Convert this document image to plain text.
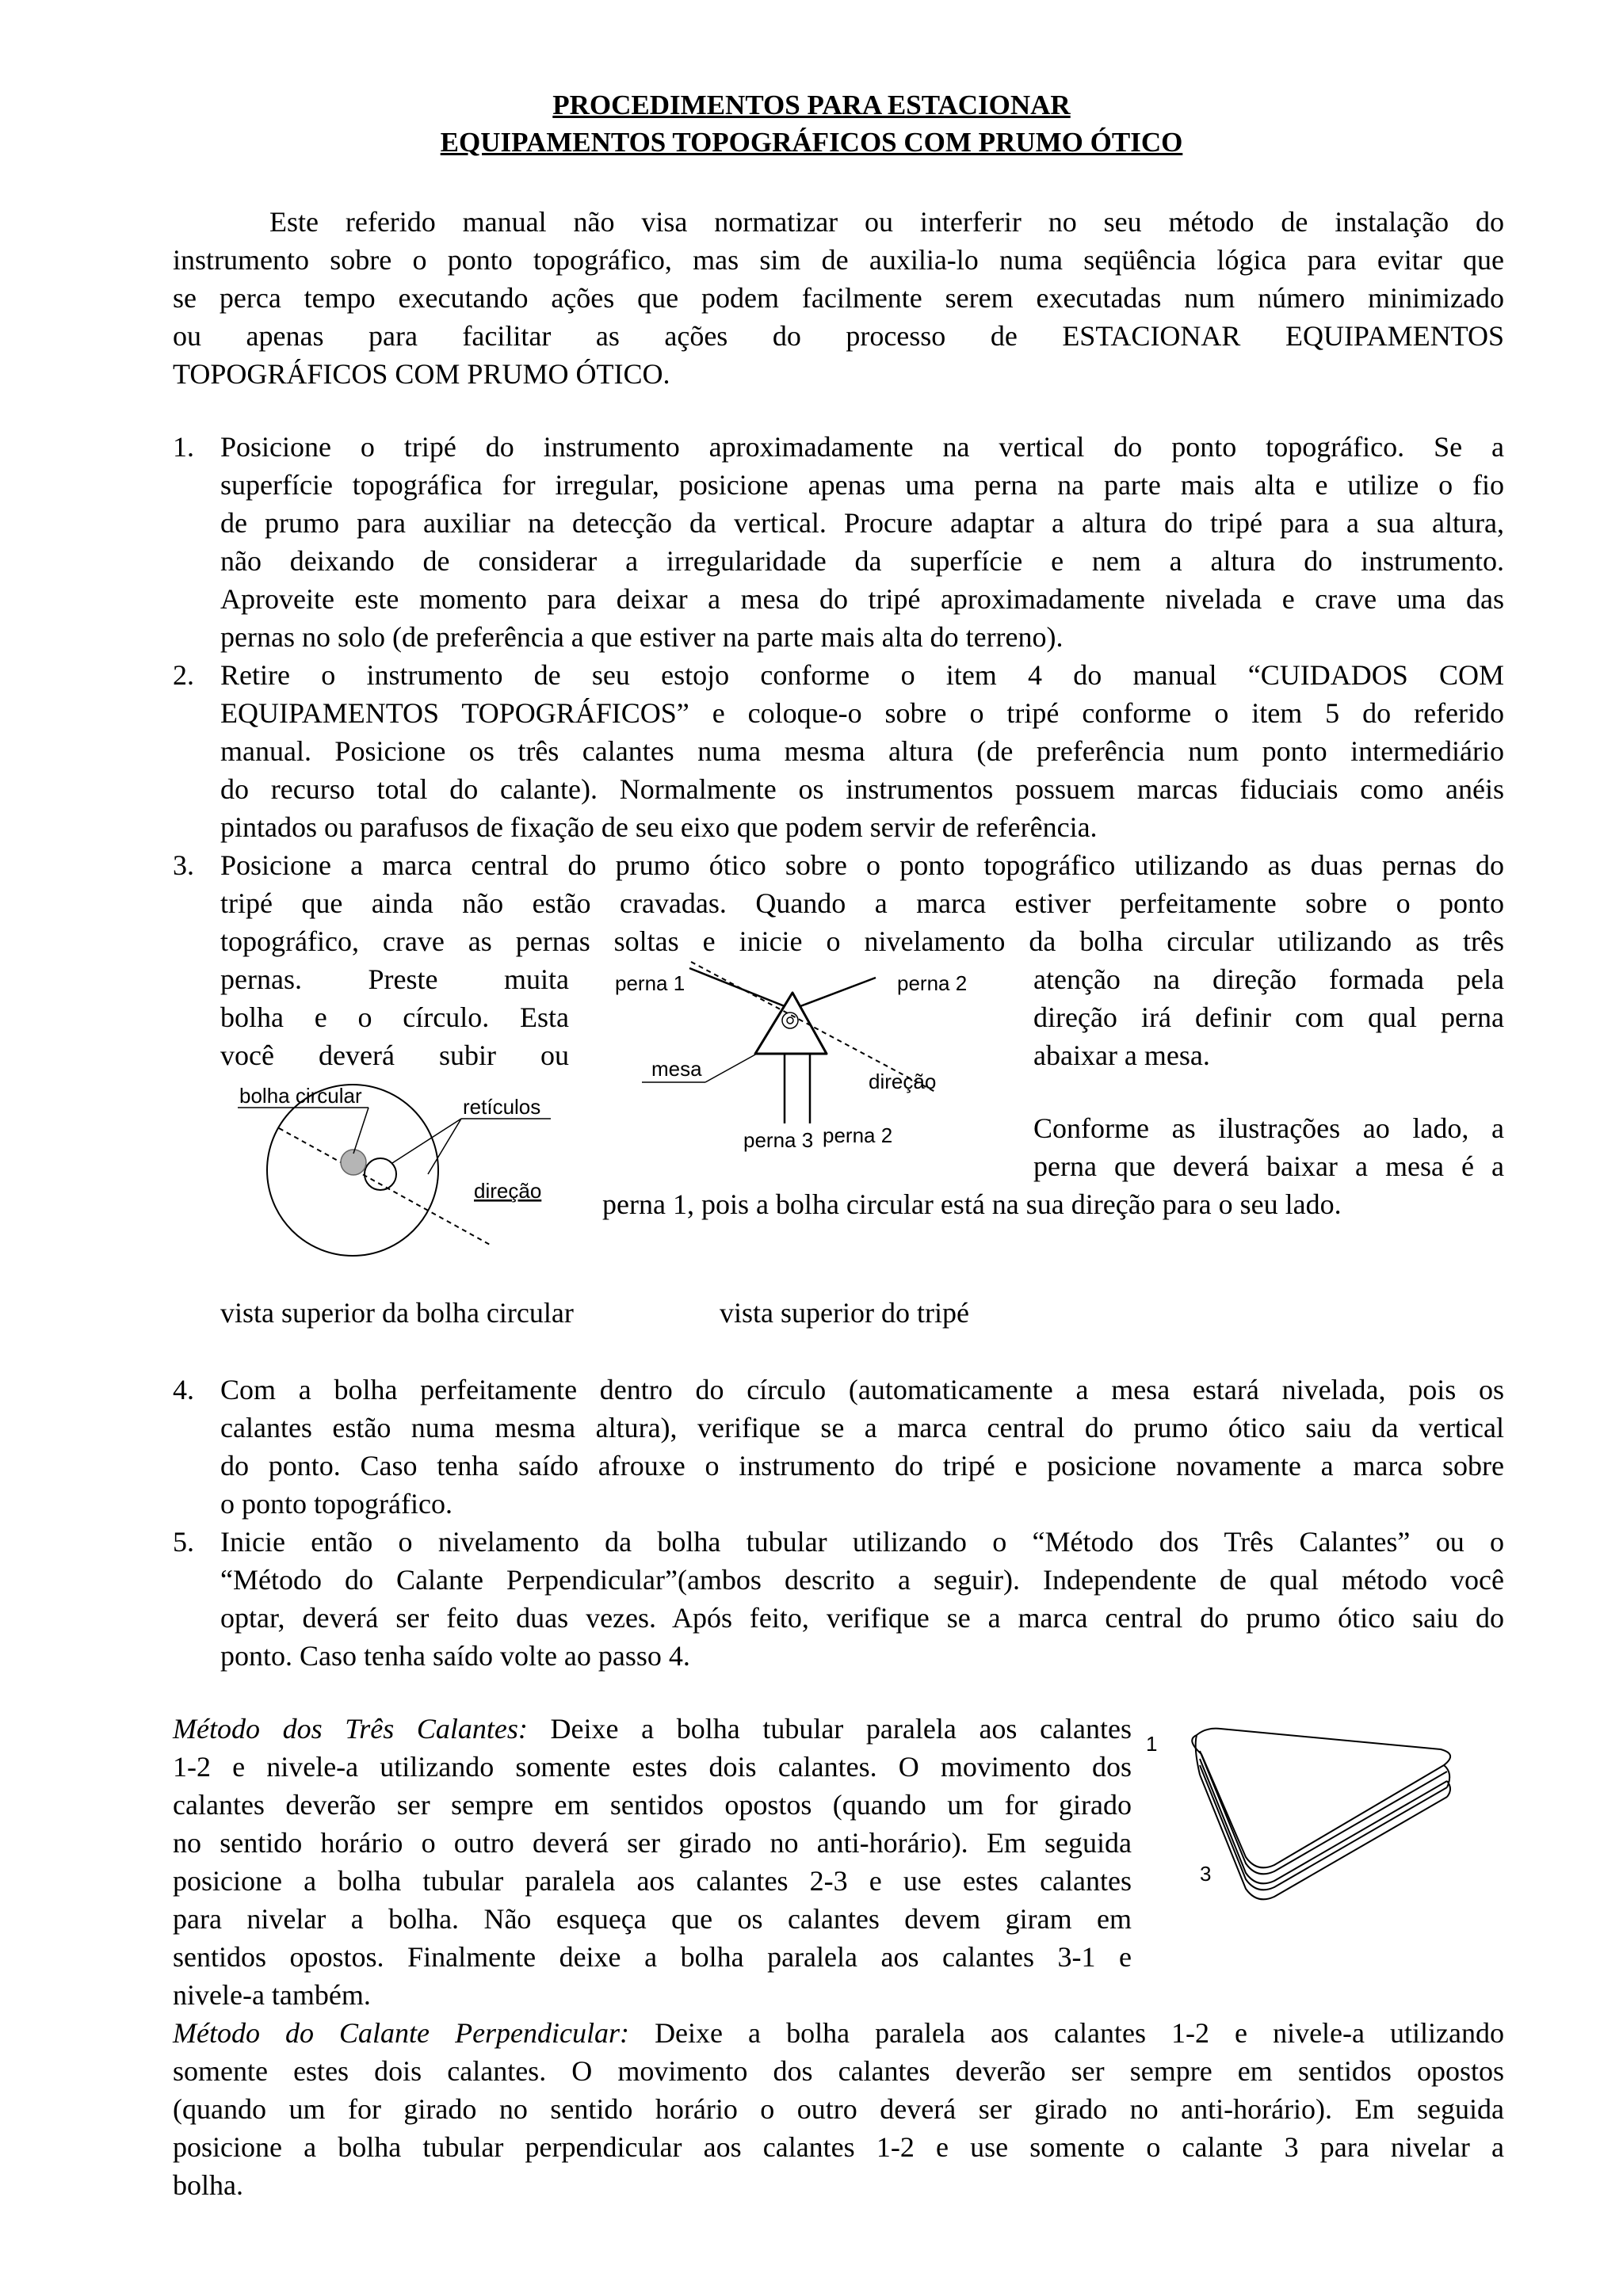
PROCEDIMENTOS PARA ESTACIONAR

EQUIPAMENTOS TOPOGRÁFICOS COM PRUMO ÓTICO

Este referido manual não visa normatizar ou interferir no seu método de instalação do
instrumento sobre o ponto topográfico, mas sim de auxilia-lo numa seqüência lógica para evitar que
se perca tempo executando ações que podem facilmente serem executadas num número minimizado
ou apenas para facilitar as ações do processo de ESTACIONAR EQUIPAMENTOS
TOPOGRÁFICOS COM PRUMO ÓTICO.
1. Posicione o tripé do instrumento aproximadamente na vertical do ponto topográfico. Se a
superfície topográfica for irregular, posicione apenas uma perna na parte mais alta e utilize o fio
de prumo para auxiliar na detecção da vertical. Procure adaptar a altura do tripé para a sua altura,
não deixando de considerar a irregularidade da superfície e nem a altura do instrumento.
Aproveite este momento para deixar a mesa do tripé aproximadamente nivelada e crave uma das
pernas no solo (de preferência a que estiver na parte mais alta do terreno).
2. Retire o instrumento de seu estojo conforme o item 4 do manual “CUIDADOS COM
EQUIPAMENTOS TOPOGRÁFICOS” e coloque-o sobre o tripé conforme o item 5 do referido
manual. Posicione os três calantes numa mesma altura (de preferência num ponto intermediário
do recurso total do calante). Normalmente os instrumentos possuem marcas fiduciais como anéis
pintados ou parafusos de fixação de seu eixo que podem servir de referência.
3. Posicione a marca central do prumo ótico sobre o ponto topográfico utilizando as duas pernas do
tripé que ainda não estão cravadas. Quando a marca estiver perfeitamente sobre o ponto
topográfico, crave as pernas soltas e inicie o nivelamento da bolha circular utilizando as três
pernas. Preste muita
bolha e o círculo. Esta
você deverá subir ou
atenção na direção formada pela
direção irá definir com qual perna
abaixar a mesa.
Conforme as ilustrações ao lado, a
perna que deverá baixar a mesa é a
perna 1, pois a bolha circular está na sua direção para o seu lado.
bolha circular	retículos
direção
perna 1	perna 2
mesa
direção
perna 3 perna 2
vista superior da bolha circular	vista superior do tripé
4. Com a bolha perfeitamente dentro do círculo (automaticamente a mesa estará nivelada, pois os
calantes estão numa mesma altura), verifique se a marca central do prumo ótico saiu da vertical
do ponto. Caso tenha saído afrouxe o instrumento do tripé e posicione novamente a marca sobre
o ponto topográfico.
5. Inicie então o nivelamento da bolha tubular utilizando o “Método dos Três Calantes” ou o
“Método do Calante Perpendicular”(ambos descrito a seguir). Independente de qual método você
optar, deverá ser feito duas vezes. Após feito, verifique se a marca central do prumo ótico saiu do
ponto. Caso tenha saído volte ao passo 4.
Método dos Três Calantes: Deixe a bolha tubular paralela aos calantes
1-2 e nivele-a utilizando somente estes dois calantes. O movimento dos
calantes deverão ser sempre em sentidos opostos (quando um for girado
no sentido horário o outro deverá ser girado no anti-horário). Em seguida
posicione a bolha tubular paralela aos calantes 2-3 e use estes calantes
para nivelar a bolha. Não esqueça que os calantes devem giram em
sentidos opostos. Finalmente deixe a bolha paralela aos calantes 3-1 e
nivele-a também.
1
3
Método do Calante Perpendicular: Deixe a bolha paralela aos calantes 1-2 e nivele-a utilizando
somente estes dois calantes. O movimento dos calantes deverão ser sempre em sentidos opostos
(quando um for girado no sentido horário o outro deverá ser girado no anti-horário). Em seguida
posicione a bolha tubular perpendicular aos calantes 1-2 e use somente o calante 3 para nivelar a
bolha.
